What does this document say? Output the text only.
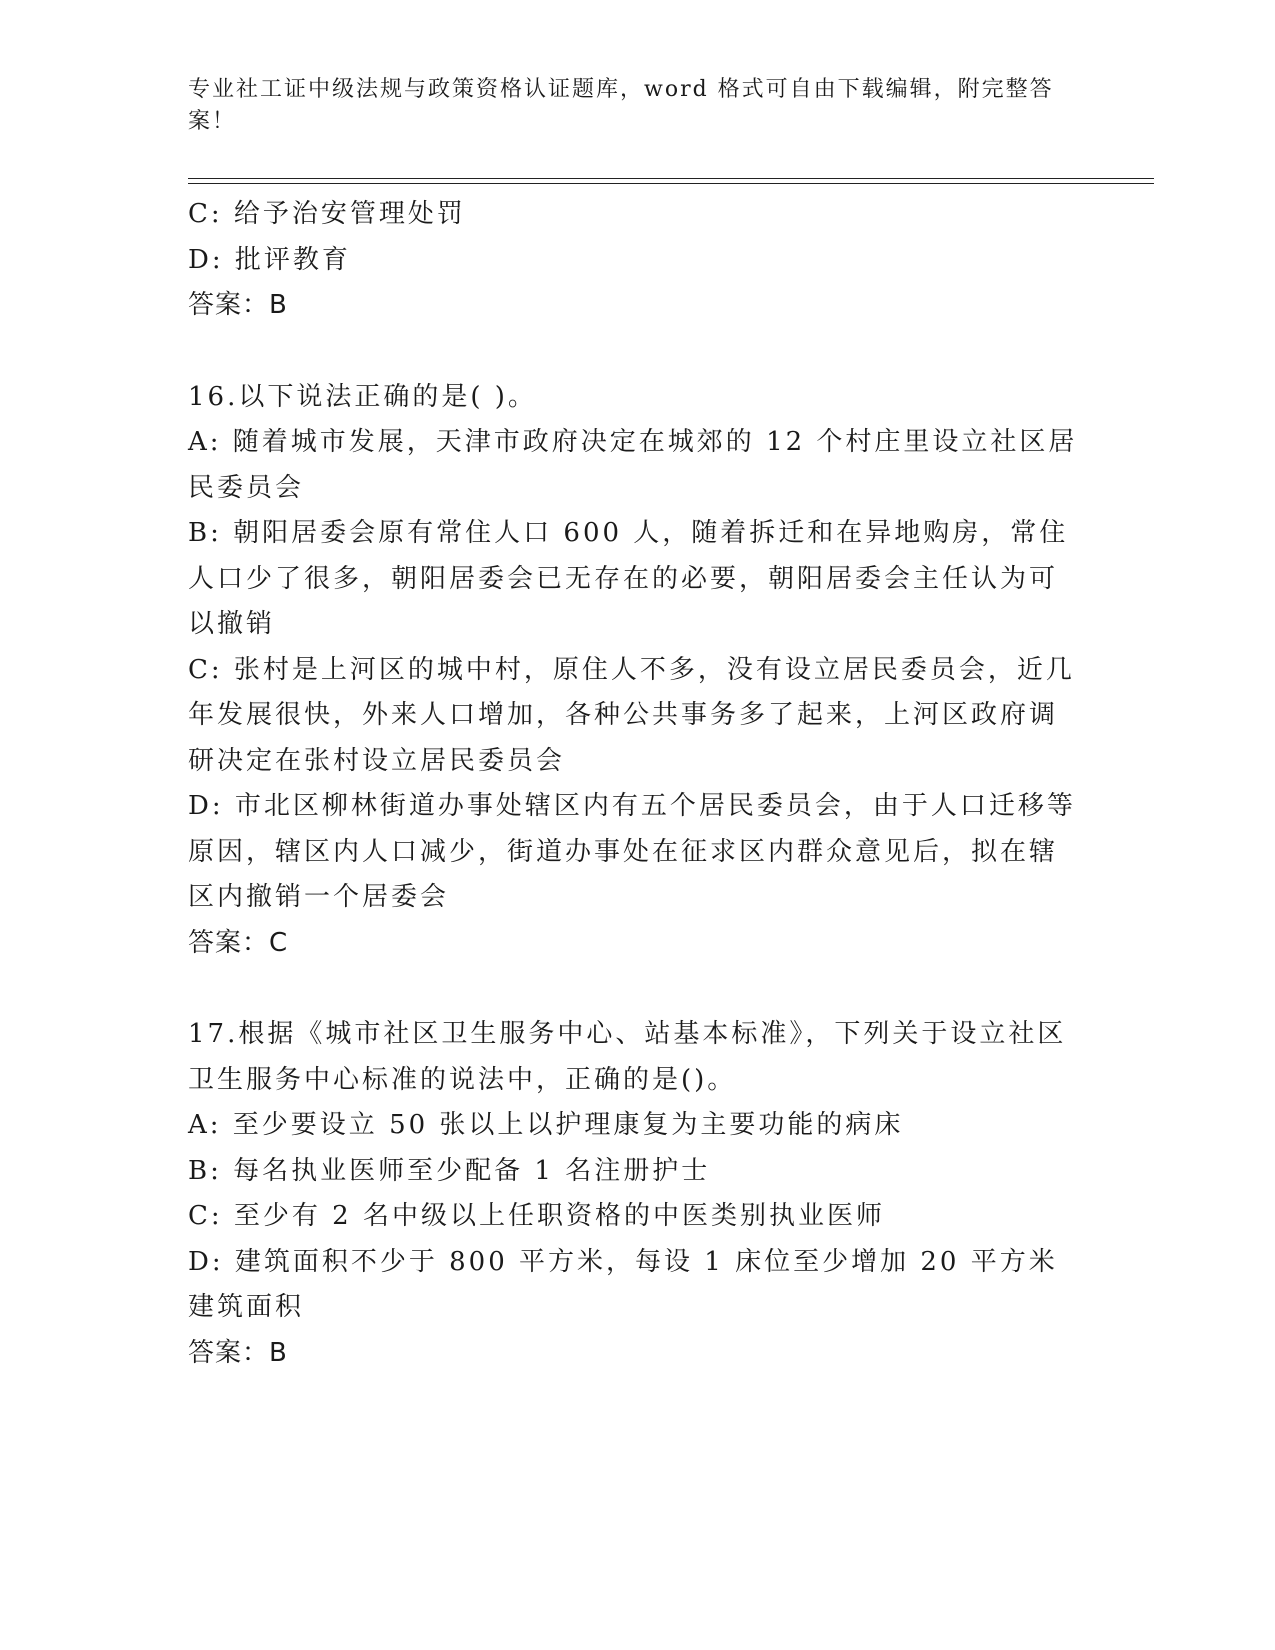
专业社工证中级法规与政策资格认证题库，word 格式可自由下载编辑，附完整答案！

C: 给予治安管理处罚

D: 批评教育

答案：B

16.以下说法正确的是( )。

A: 随着城市发展，天津市政府决定在城郊的 12 个村庄里设立社区居民委员会

B: 朝阳居委会原有常住人口 600 人，随着拆迁和在异地购房，常住人口少了很多，朝阳居委会已无存在的必要，朝阳居委会主任认为可以撤销

C: 张村是上河区的城中村，原住人不多，没有设立居民委员会，近几年发展很快，外来人口增加，各种公共事务多了起来，上河区政府调研决定在张村设立居民委员会

D: 市北区柳林街道办事处辖区内有五个居民委员会，由于人口迁移等原因，辖区内人口减少，街道办事处在征求区内群众意见后，拟在辖区内撤销一个居委会

答案：C

17.根据《城市社区卫生服务中心、站基本标准》，下列关于设立社区卫生服务中心标准的说法中，正确的是()。

A: 至少要设立 50 张以上以护理康复为主要功能的病床

B: 每名执业医师至少配备 1 名注册护士

C: 至少有 2 名中级以上任职资格的中医类别执业医师

D: 建筑面积不少于 800 平方米，每设 1 床位至少增加 20 平方米建筑面积

答案：B
